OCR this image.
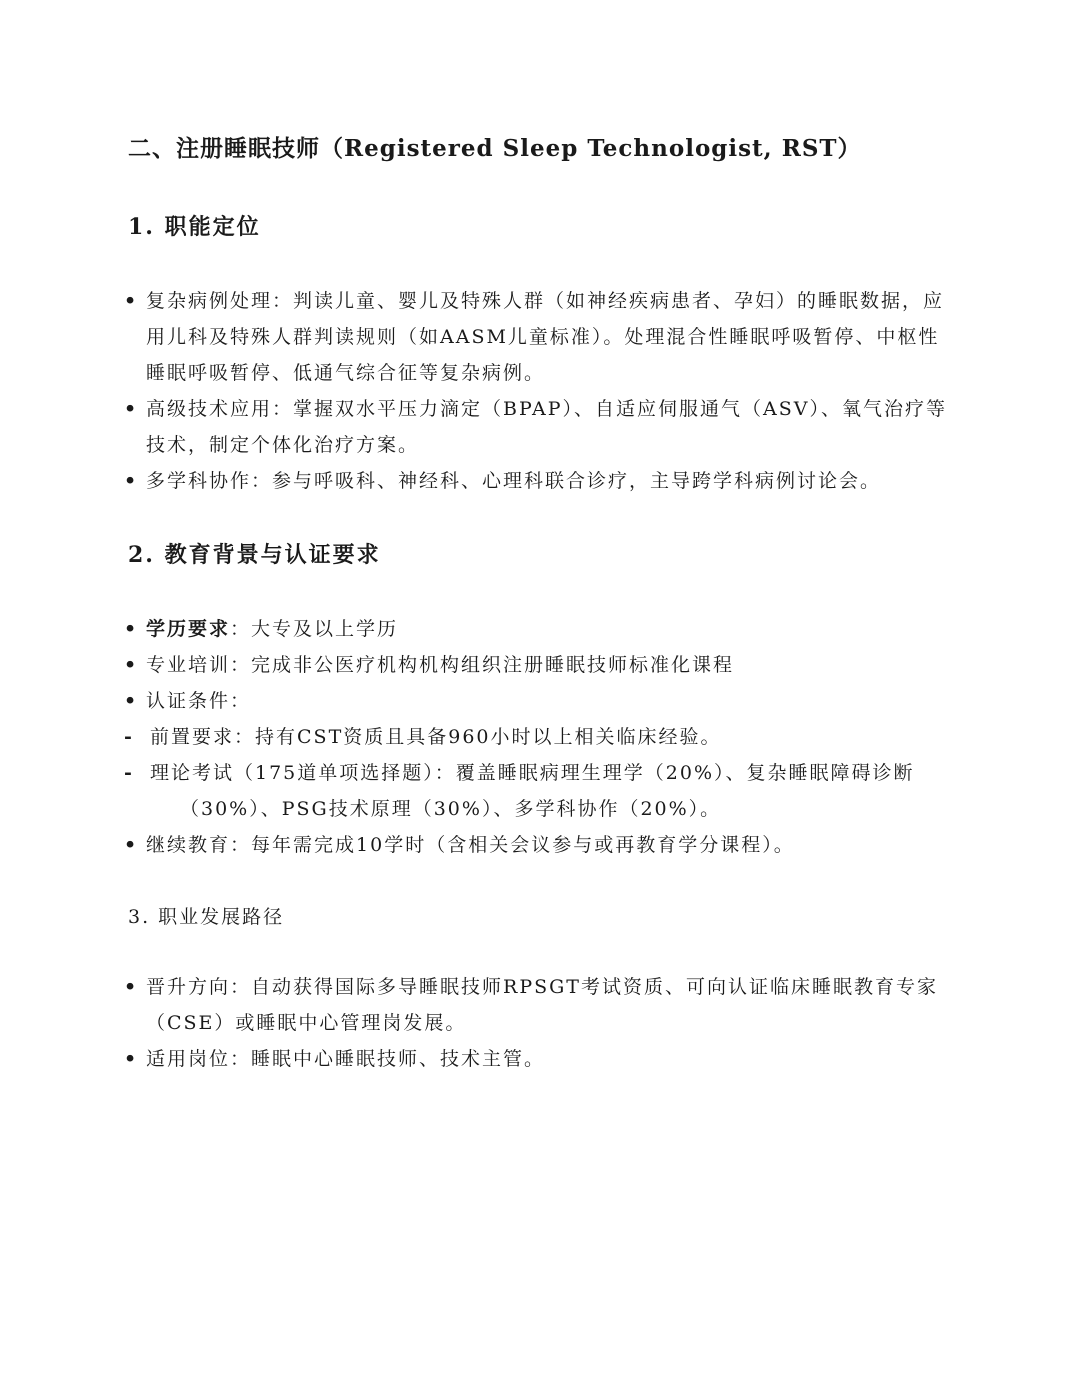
二、注册睡眠技师（Registered Sleep Technologist, RST）
1. 职能定位
• 复杂病例处理：判读儿童、婴儿及特殊人群（如神经疾病患者、孕妇）的睡眠数据，应用儿科及特殊人群判读规则（如AASM儿童标准）。处理混合性睡眠呼吸暂停、中枢性睡眠呼吸暂停、低通气综合征等复杂病例。
• 高级技术应用：掌握双水平压力滴定（BPAP）、自适应伺服通气（ASV）、氧气治疗等技术，制定个体化治疗方案。
• 多学科协作：参与呼吸科、神经科、心理科联合诊疗，主导跨学科病例讨论会。
2. 教育背景与认证要求
• 学历要求：大专及以上学历
• 专业培训：完成非公医疗机构机构组织注册睡眠技师标准化课程
• 认证条件：
- 前置要求：持有CST资质且具备960小时以上相关临床经验。
- 理论考试（175道单项选择题）：覆盖睡眠病理生理学（20%）、复杂睡眠障碍诊断
（30%）、PSG技术原理（30%）、多学科协作（20%）。
• 继续教育：每年需完成10学时（含相关会议参与或再教育学分课程）。
3. 职业发展路径
• 晋升方向：自动获得国际多导睡眠技师RPSGT考试资质、可向认证临床睡眠教育专家（CSE）或睡眠中心管理岗发展。
• 适用岗位：睡眠中心睡眠技师、技术主管。
